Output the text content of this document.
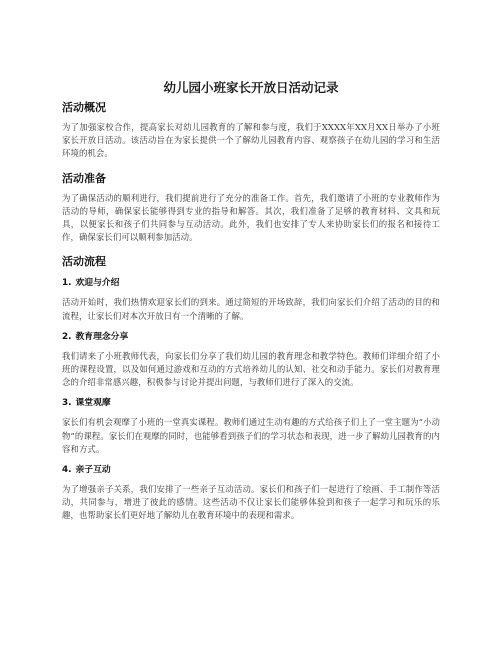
幼儿园小班家长开放日活动记录
活动概况

为了加强家校合作，提高家长对幼儿园教育的了解和参与度，我们于XXXX年XX月XX日举办了小班家长开放日活动。该活动旨在为家长提供一个了解幼儿园教育内容、观察孩子在幼儿园的学习和生活环境的机会。

活动准备

为了确保活动的顺利进行，我们提前进行了充分的准备工作。首先，我们邀请了小班的专业教师作为活动的导师，确保家长能够得到专业的指导和解答。其次，我们准备了足够的教育材料、文具和玩具，以便家长和孩子们共同参与互动活动。此外，我们也安排了专人来协助家长们的报名和接待工作，确保家长们可以顺利参加活动。

活动流程
1. 欢迎与介绍

活动开始时，我们热情欢迎家长们的到来。通过简短的开场致辞，我们向家长们介绍了活动的目的和流程，让家长们对本次开放日有一个清晰的了解。

2. 教育理念分享

我们请来了小班教师代表，向家长们分享了我们幼儿园的教育理念和教学特色。教师们详细介绍了小班的课程设置，以及如何通过游戏和互动的方式培养幼儿的认知、社交和动手能力。家长们对教育理念的介绍非常感兴趣，积极参与讨论并提出问题，与教师们进行了深入的交流。

3. 课堂观摩

家长们有机会观摩了小班的一堂真实课程。教师们通过生动有趣的方式给孩子们上了一堂主题为“小动物”的课程。家长们在观摩的同时，也能够看到孩子们的学习状态和表现，进一步了解幼儿园教育的内容和方式。

4. 亲子互动

为了增强亲子关系，我们安排了一些亲子互动活动。家长们和孩子们一起进行了绘画、手工制作等活动，共同参与，增进了彼此的感情。这些活动不仅让家长们能够体验到和孩子一起学习和玩乐的乐趣，也帮助家长们更好地了解幼儿在教育环境中的表现和需求。
